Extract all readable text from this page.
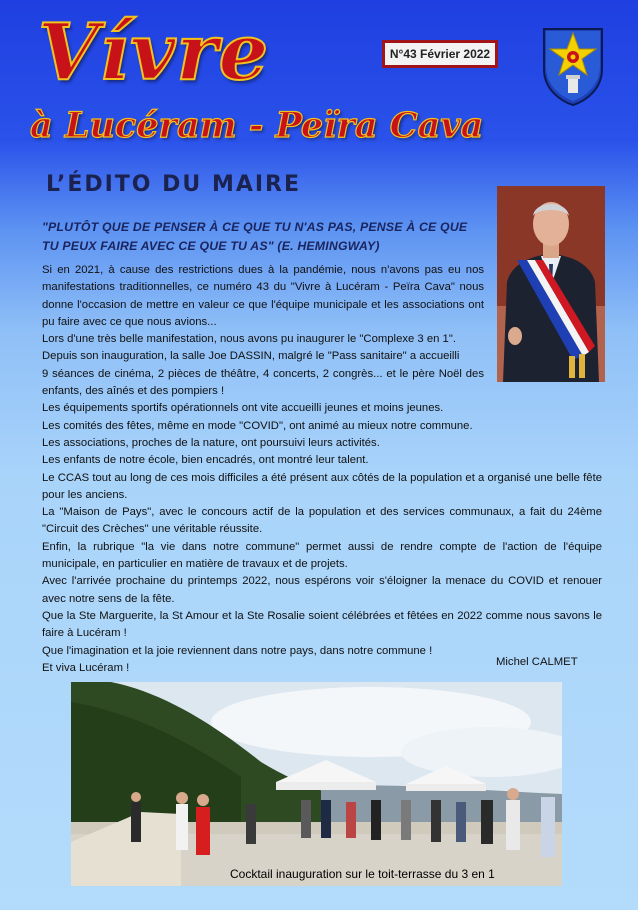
Vívre
à Lucéram - Peïra Cava
N°43 Février 2022
L’ÉDITO DU MAIRE
"PLUTÔT QUE DE PENSER À CE QUE TU N'AS PAS, PENSE À CE QUE
TU PEUX FAIRE AVEC CE QUE TU AS" (E. HEMINGWAY)

Si en 2021, à cause des restrictions dues à la pandémie, nous n'avons pas eu nos manifestations traditionnelles, ce numéro 43 du "Vivre à Lucéram - Peïra Cava" nous donne l'occasion de mettre en valeur ce que l'équipe municipale et les associations ont pu faire avec ce que nous avions...

Lors d'une très belle manifestation, nous avons pu inaugurer le "Complexe 3 en 1".

Depuis son inauguration, la salle Joe DASSIN, malgré le "Pass sanitaire" a accueilli

9 séances de cinéma, 2 pièces de théâtre, 4 concerts, 2 congrès... et le père Noël des enfants, des aînés et des pompiers !

Les équipements sportifs opérationnels ont vite accueilli jeunes et moins jeunes.

Les comités des fêtes, même en mode "COVID", ont animé au mieux notre commune.

Les associations, proches de la nature, ont poursuivi leurs activités.

Les enfants de notre école, bien encadrés, ont montré leur talent.

Le CCAS tout au long de ces mois difficiles a été présent aux côtés de la population et a organisé une belle fête pour les anciens.

La "Maison de Pays", avec le concours actif de la population et des services communaux, a fait du 24ème "Circuit des Crèches" une véritable réussite.

Enfin, la rubrique "la vie dans notre commune" permet aussi de rendre compte de l'action de l'équipe municipale, en particulier en matière de travaux et de projets.

Avec l'arrivée prochaine du printemps 2022, nous espérons voir s'éloigner la menace du COVID et renouer avec notre sens de la fête.

Que la Ste Marguerite, la St Amour et la Ste Rosalie soient célébrées et fêtées en 2022 comme nous savons le faire à Lucéram !

Que l'imagination et la joie reviennent dans notre pays, dans notre commune !

Et viva Lucéram !	Michel CALMET
Cocktail inauguration sur le toit-terrasse du 3 en 1
